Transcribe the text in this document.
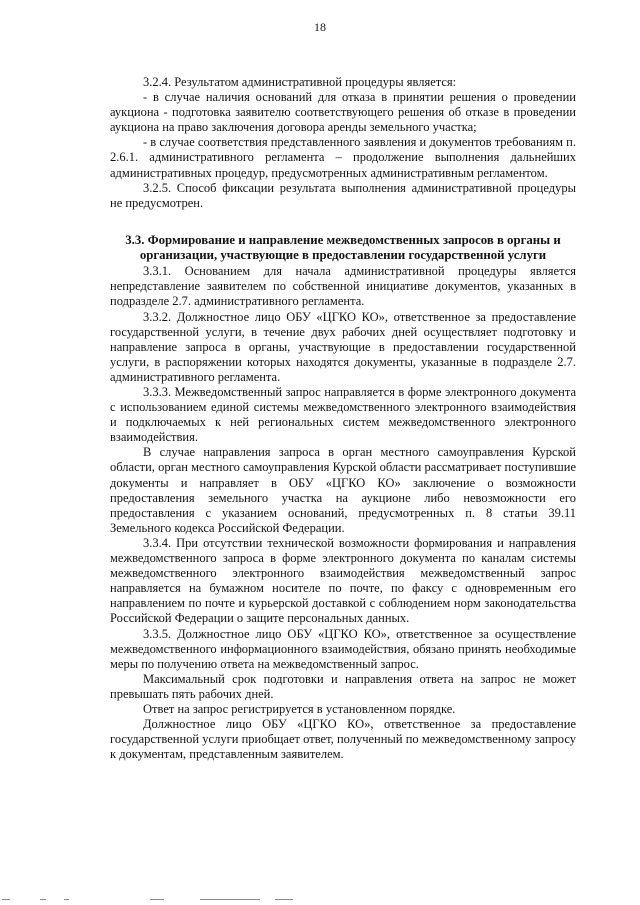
18

3.2.4. Результатом административной процедуры является:

- в случае наличия оснований для отказа в принятии решения о проведении аукциона - подготовка заявителю соответствующего решения об отказе в проведении аукциона на право заключения договора аренды земельного участка;

- в случае соответствия представленного заявления и документов требованиям п. 2.6.1. административного регламента – продолжение выполнения дальнейших административных процедур, предусмотренных административным регламентом.

3.2.5. Способ фиксации результата выполнения административной процедуры не предусмотрен.

3.3. Формирование и направление межведомственных запросов в органы и организации, участвующие в предоставлении государственной услуги

3.3.1. Основанием для начала административной процедуры является непредставление заявителем по собственной инициативе документов, указанных в подразделе 2.7. административного регламента.

3.3.2. Должностное лицо ОБУ «ЦГКО КО», ответственное за предоставление государственной услуги, в течение двух рабочих дней осуществляет подготовку и направление запроса в органы, участвующие в предоставлении государственной услуги, в распоряжении которых находятся документы, указанные в подразделе 2.7. административного регламента.

3.3.3. Межведомственный запрос направляется в форме электронного документа с использованием единой системы межведомственного электронного взаимодействия и подключаемых к ней региональных систем межведомственного электронного взаимодействия.

В случае направления запроса в орган местного самоуправления Курской области, орган местного самоуправления Курской области рассматривает поступившие документы и направляет в ОБУ «ЦГКО КО» заключение о возможности предоставления земельного участка на аукционе либо невозможности его предоставления с указанием оснований, предусмотренных п. 8 статьи 39.11 Земельного кодекса Российской Федерации.

3.3.4. При отсутствии технической возможности формирования и направления межведомственного запроса в форме электронного документа по каналам системы межведомственного электронного взаимодействия межведомственный запрос направляется на бумажном носителе по почте, по факсу с одновременным его направлением по почте и курьерской доставкой с соблюдением норм законодательства Российской Федерации о защите персональных данных.

3.3.5. Должностное лицо ОБУ «ЦГКО КО», ответственное за осуществление межведомственного информационного взаимодействия, обязано принять необходимые меры по получению ответа на межведомственный запрос.

Максимальный срок подготовки и направления ответа на запрос не может превышать пять рабочих дней.

Ответ на запрос регистрируется в установленном порядке.

Должностное лицо ОБУ «ЦГКО КО», ответственное за предоставление государственной услуги приобщает ответ, полученный по межведомственному запросу к документам, представленным заявителем.
